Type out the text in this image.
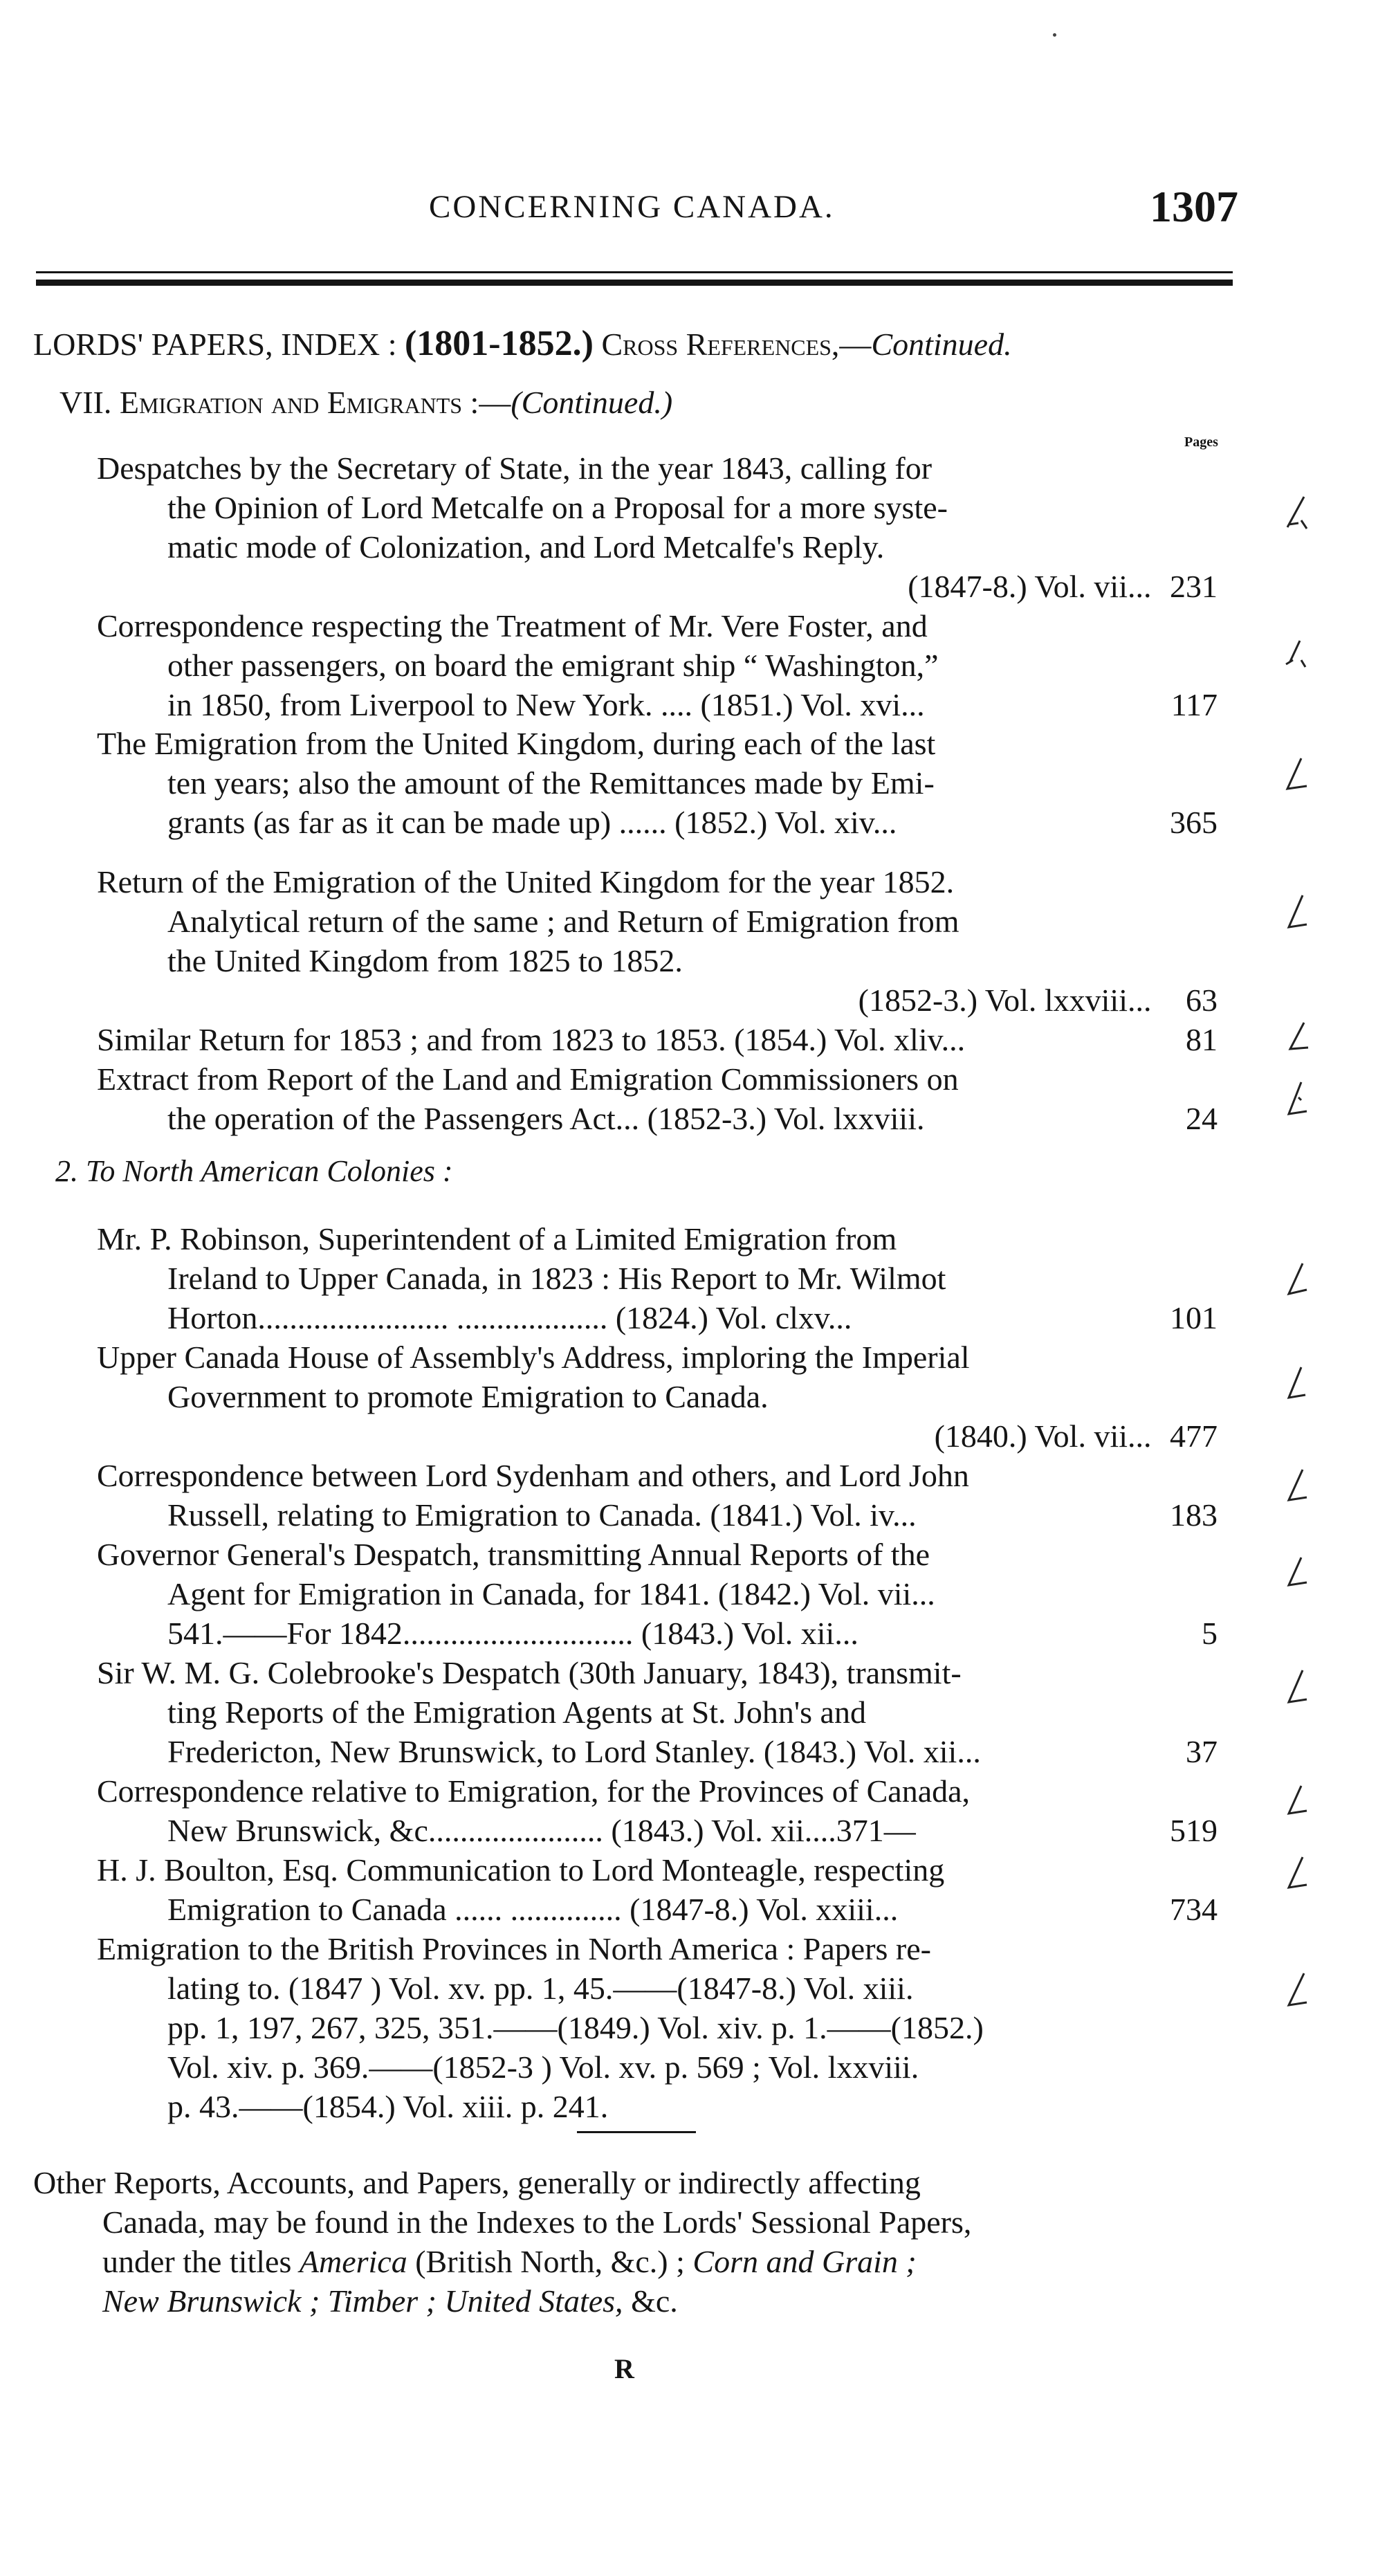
CONCERNING CANADA.	1307
LORDS' PAPERS, INDEX : (1801-1852.) Cross References,—Continued.
VII. Emigration and Emigrants :—(Continued.)
Pages
Despatches by the Secretary of State, in the year 1843, calling for
the Opinion of Lord Metcalfe on a Proposal for a more syste-
matic mode of Colonization, and Lord Metcalfe's Reply.
(1847-8.) Vol. vii... 231
Correspondence respecting the Treatment of Mr. Vere Foster, and
other passengers, on board the emigrant ship “ Washington,”
in 1850, from Liverpool to New York. .... (1851.) Vol. xvi...	117
The Emigration from the United Kingdom, during each of the last
ten years; also the amount of the Remittances made by Emi-
grants (as far as it can be made up) ...... (1852.) Vol. xiv...	365
Return of the Emigration of the United Kingdom for the year 1852.
Analytical return of the same ; and Return of Emigration from
the United Kingdom from 1825 to 1852.
(1852-3.) Vol. lxxviii... 63
Similar Return for 1853 ; and from 1823 to 1853. (1854.) Vol. xliv...	81
Extract from Report of the Land and Emigration Commissioners on
the operation of the Passengers Act... (1852-3.) Vol. lxxviii.	24
2. To North American Colonies :
Mr. P. Robinson, Superintendent of a Limited Emigration from
Ireland to Upper Canada, in 1823 : His Report to Mr. Wilmot
Horton........................ ................... (1824.) Vol. clxv...	101
Upper Canada House of Assembly's Address, imploring the Imperial
Government to promote Emigration to Canada.
(1840.) Vol. vii... 477
Correspondence between Lord Sydenham and others, and Lord John
Russell, relating to Emigration to Canada. (1841.) Vol. iv...	183
Governor General's Despatch, transmitting Annual Reports of the
Agent for Emigration in Canada, for 1841. (1842.) Vol. vii...
541.——For 1842............................. (1843.) Vol. xii...	5
Sir W. M. G. Colebrooke's Despatch (30th January, 1843), transmit-
ting Reports of the Emigration Agents at St. John's and
Fredericton, New Brunswick, to Lord Stanley. (1843.) Vol. xii...	37
Correspondence relative to Emigration, for the Provinces of Canada,
New Brunswick, &c...................... (1843.) Vol. xii....371—	519
H. J. Boulton, Esq. Communication to Lord Monteagle, respecting
Emigration to Canada ...... .............. (1847-8.) Vol. xxiii...	734
Emigration to the British Provinces in North America : Papers re-
lating to. (1847 ) Vol. xv. pp. 1, 45.——(1847-8.) Vol. xiii.
pp. 1, 197, 267, 325, 351.——(1849.) Vol. xiv. p. 1.——(1852.)
Vol. xiv. p. 369.——(1852-3 ) Vol. xv. p. 569 ; Vol. lxxviii.
p. 43.——(1854.) Vol. xiii. p. 241.
Other Reports, Accounts, and Papers, generally or indirectly affecting
Canada, may be found in the Indexes to the Lords' Sessional Papers,
under the titles America (British North, &c.) ; Corn and Grain ;
New Brunswick ; Timber ; United States, &c.
R
